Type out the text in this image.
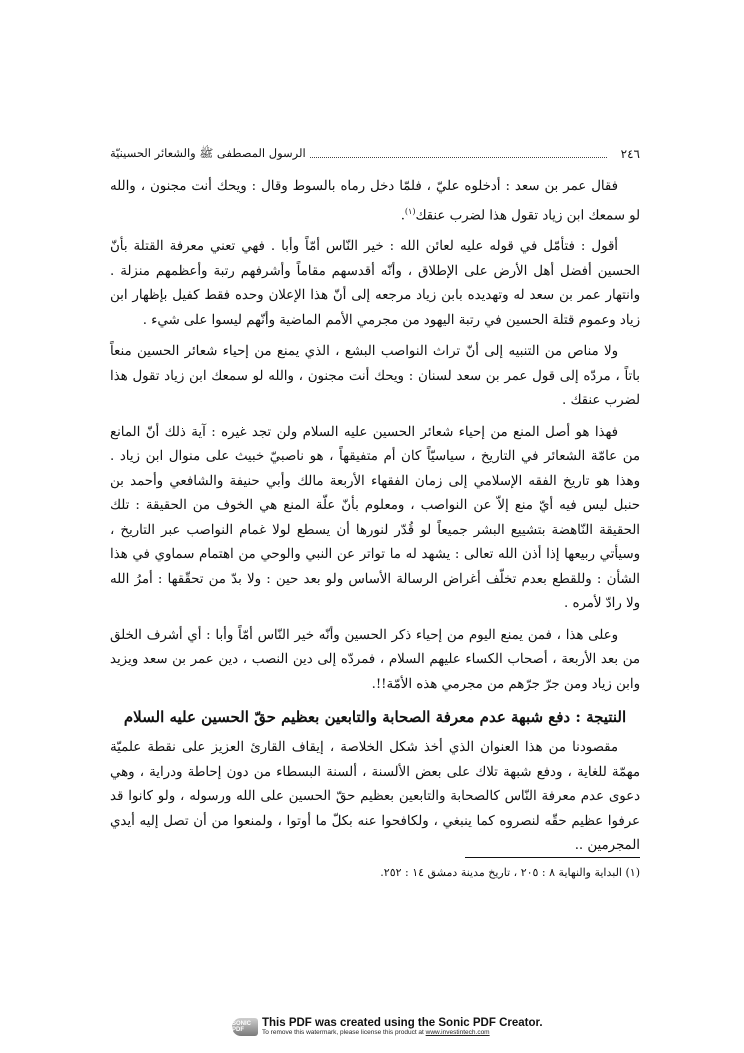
٢٤٦
الرسول المصطفى ﷺ والشعائر الحسينيّة

فقال عمر بن سعد : أدخلوه عليّ ، فلمّا دخل رماه بالسوط وقال : ويحك أنت مجنون ، والله لو سمعك ابن زياد تقول هذا لضرب عنقك$^{(١)}$.

أقول : فتأمّل في قوله عليه لعائن الله : خير النّاس أمّاً وأبا . فهي تعني معرفة القتلة بأنّ الحسين أفضل أهل الأرض على الإطلاق ، وأنّه أقدسهم مقاماً وأشرفهم رتبة وأعظمهم منزلة . وانتهار عمر بن سعد له وتهديده بابن زياد مرجعه إلى أنّ هذا الإعلان وحده فقط كفيل بإظهار ابن زياد وعموم قتلة الحسين في رتبة اليهود من مجرمي الأمم الماضية وأنّهم ليسوا على شيء .

ولا مناص من التنبيه إلى أنّ تراث النواصب البشع ، الذي يمنع من إحياء شعائر الحسين منعاً باتاً ، مردّه إلى قول عمر بن سعد لسنان : ويحك أنت مجنون ، والله لو سمعك ابن زياد تقول هذا لضرب عنقك .

فهذا هو أصل المنع من إحياء شعائر الحسين عليه السلام ولن تجد غيره : آية ذلك أنّ المانع من عامّة الشعائر في التاريخ ، سياسيّاً كان أم متفيقهاً ، هو ناصبيّ خبيث على منوال ابن زياد . وهذا هو تاريخ الفقه الإسلامي إلى زمان الفقهاء الأربعة مالك وأبي حنيفة والشافعي وأحمد بن حنبل ليس فيه أيّ منع إلاّ عن النواصب ، ومعلوم بأنّ علّة المنع هي الخوف من الحقيقة : تلك الحقيقة النّاهضة بتشييع البشر جميعاً لو قُدّر لنورها أن يسطع لولا غمام النواصب عبر التاريخ ، وسيأتي ربيعها إذا أذن الله تعالى : يشهد له ما تواتر عن النبي والوحي من اهتمام سماوي في هذا الشأن : وللقطع بعدم تخلّف أغراض الرسالة الأساس ولو بعد حين : ولا بدّ من تحقّقها : أمرُ الله ولا رادّ لأمره .

وعلى هذا ، فمن يمنع اليوم من إحياء ذكر الحسين وأنّه خير النّاس أمّاً وأبا : أي أشرف الخلق من بعد الأربعة ، أصحاب الكساء عليهم السلام ، فمردّه إلى دين النصب ، دين عمر بن سعد ويزيد وابن زياد ومن جرّ جرّهم من مجرمي هذه الأمّة!!.

النتيجة : دفع شبهة عدم معرفة الصحابة والتابعين بعظيم حقّ الحسين عليه السلام

مقصودنا من هذا العنوان الذي أخذ شكل الخلاصة ، إيقاف القارئ العزيز على نقطة علميّة مهمّة للغاية ، ودفع شبهة تلاك على بعض الألسنة ، ألسنة البسطاء من دون إحاطة ودراية ، وهي دعوى عدم معرفة النّاس كالصحابة والتابعين بعظيم حقّ الحسين على الله ورسوله ، ولو كانوا قد عرفوا عظيم حقّه لنصروه كما ينبغي ، ولكافحوا عنه بكلّ ما أوتوا ، ولمنعوا من أن تصل إليه أيدي المجرمين ..

(١) البداية والنهاية ٨ : ٢٠٥ ، تاريخ مدينة دمشق ١٤ : ٢٥٢.
SONIC PDF
This PDF was created using the Sonic PDF Creator.
To remove this watermark, please license this product at www.investintech.com
